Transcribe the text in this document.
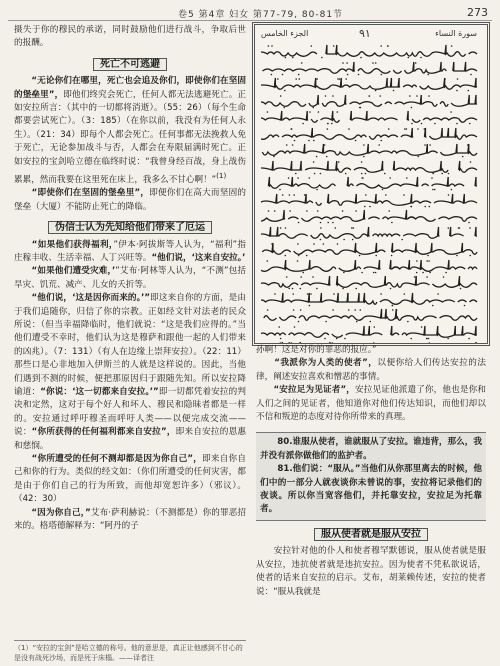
卷5 第4章 妇女 第77-79, 80-81节	273

摄失于你的穆民的承诺，同时鼓励他们进行战斗，争取后世的报酬。

死亡不可逃避

　　“无论你们在哪里，死亡也会追及你们，即使你们在坚固的堡垒里”，即他们终究会死亡，任何人都无法逃避死亡。正如安拉所言：（其中的一切都将消逝）。（55：26）（每个生命都要尝试死亡）。（3：185）（在你以前，我没有为任何人永生）。（21：34）即每个人都会死亡。任何事都无法挽救人免于死亡，无论参加战斗与否，人都会在寿限届满时死亡。正如安拉的宝剑哈立德在临终时说：“我曾身经百战，身上战伤累累，然而我要在这里死在床上，我多么不甘心啊！”$^{(1)}$

　　“即使你们在坚固的堡垒里”，即便你们在高大而坚固的堡垒（大厦）不能防止死亡的降临。

伪信士认为先知给他们带来了厄运

　　“如果他们获得福利，”伊本·阿拔斯等人认为，“福利”指庄稼丰收、生活幸福、人丁兴旺等。“他们说，‘这来自安拉。’

　　“如果他们遭受灾难，’”艾布·阿林等人认为，“不测”包括旱灾、饥荒、减产、儿女的夭折等。

　　“他们说，‘这是因你而来的。’”即这来自你的方面，是由于我们追随你，归信了你的宗教。正如经文针对法老的民众所说：（但当幸福降临时，他们就说：“这是我们应得的。”当他们遭受不幸时，他们认为这是穆萨和跟他一起的人们带来的凶兆）。（7：131）（有人在边缘上崇拜安拉）。（22：11）那些口是心非地加入伊斯兰的人就是这样说的。因此，当他们遇到不测的时候，便把那原因归于跟随先知。所以安拉降谕道：“你说：‘这一切都来自安拉。’”即一切都凭着安拉的判决和定然，这对于每个好人和坏人、穆民和隐昧者都是一样的。安拉通过呼吁穆圣而呼吁人类——以便完成交流——说：“你所获得的任何福利都来自安拉”，即来自安拉的恩惠和慈悯。

　　“你所遭受的任何不测却都是因为你自己”，即来自你自己和你的行为。类似的经文如：（你们所遭受的任何灾害，都是由于你们自己的行为所致，而他却宽恕许多）（邪议）。（42：30）

　　“因为你自己，”艾布·萨利赫说：（不测都是）你的罪恶招来的。格塔德解释为：“阿丹的子

（1）“安拉的宝剑”是哈立德的称号。他的意思是，真正让他感到不甘心的是没有战死沙场，而是死于床榻。——译者注
الجزء الخامس	٩١	سورة النساء

孙啊！这是对你的罪恶的报应。”

　　“我派你为人类的使者”，以便你给人们传达安拉的法律，阐述安拉喜欢和憎恶的事情。

　　“安拉足为见证者”，安拉见证他派遣了你，他也是你和人们之间的见证者，他知道你对他们传达知识，而他们却以不信和叛逆的态度对待你所带来的真理。

　　80.谁服从使者，谁就服从了安拉。谁违背，那么，我并没有派你做他们的监护者。

　　81.他们说：“服从。”当他们从你那里离去的时候，他们中的一部分人就夜谈你未曾说的事，安拉将记录他们的夜谈。所以你当宽容他们，并托靠安拉，安拉足为托靠者。

服从使者就是服从安拉

　　安拉针对他的仆人和使者穆罕默德说，服从使者就是服从安拉，违抗使者就是违抗安拉。因为使者不凭私欲说话，使者的话来自安拉的启示。艾布，胡莱赖传述，安拉的使者说：“服从我就是
